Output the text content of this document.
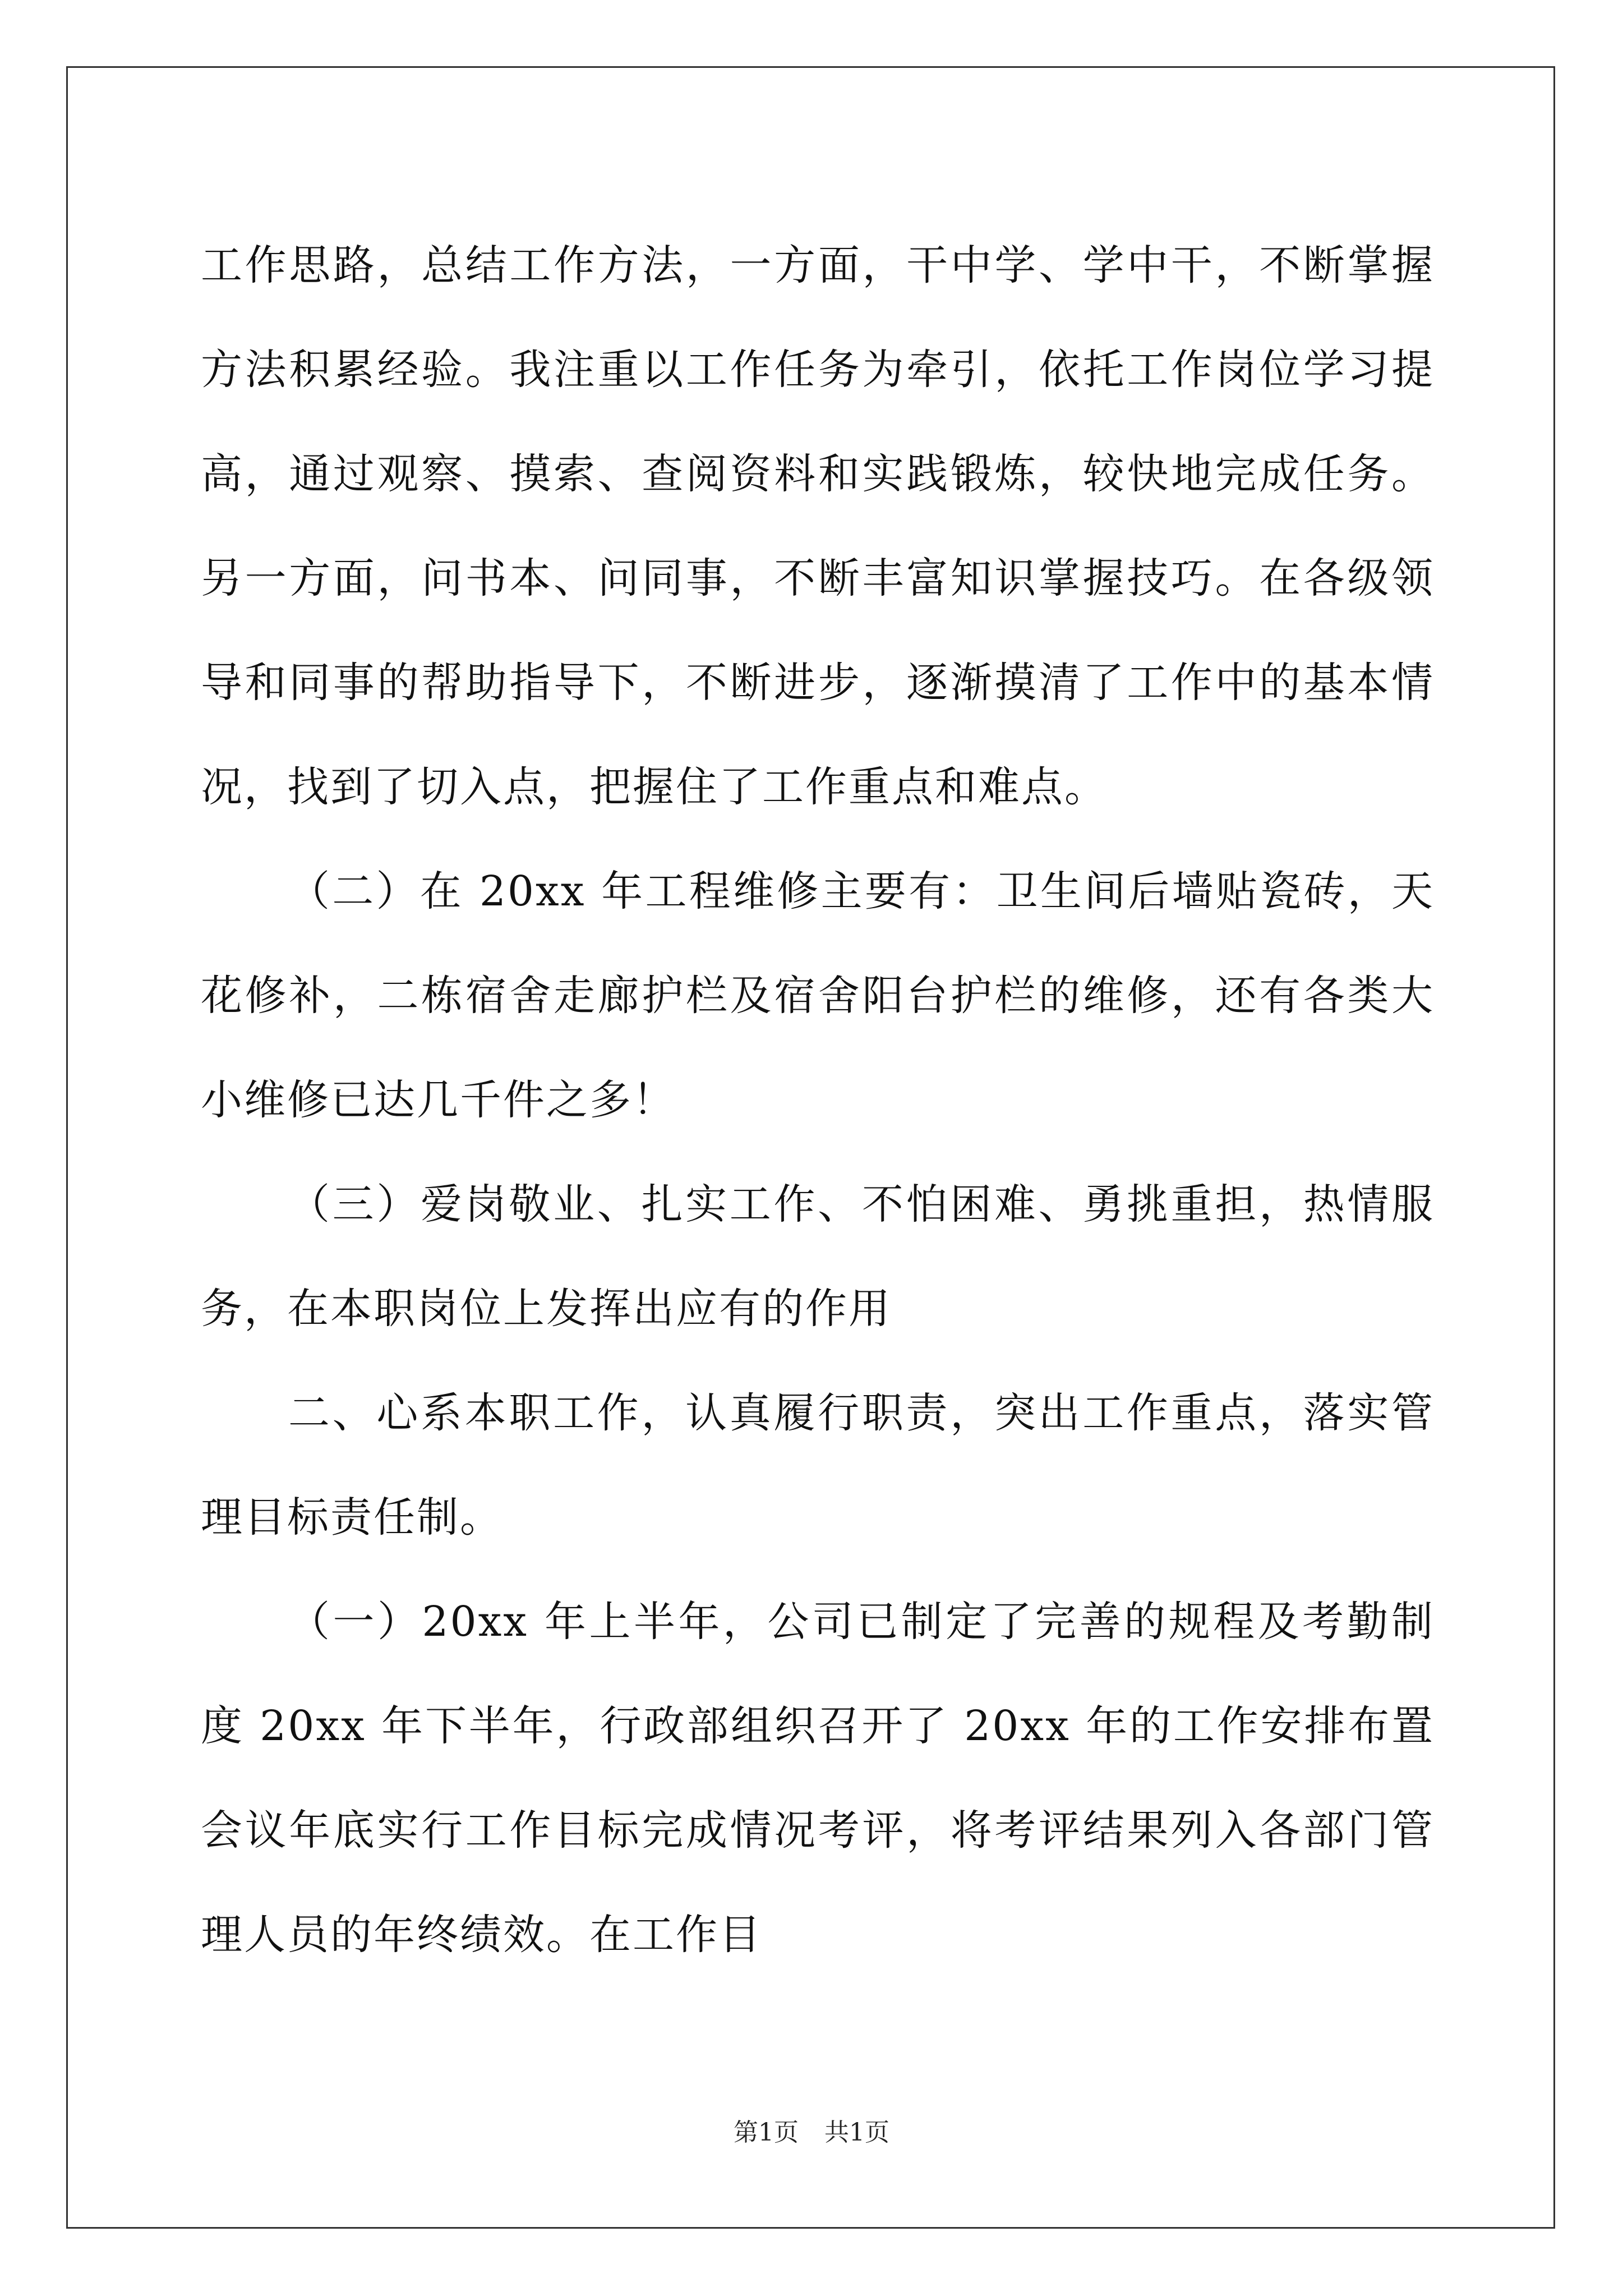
工作思路，总结工作方法，一方面，干中学、学中干，不断掌握方法积累经验。我注重以工作任务为牵引，依托工作岗位学习提高，通过观察、摸索、查阅资料和实践锻炼，较快地完成任务。另一方面，问书本、问同事，不断丰富知识掌握技巧。在各级领导和同事的帮助指导下，不断进步，逐渐摸清了工作中的基本情况，找到了切入点，把握住了工作重点和难点。

（二）在 20xx 年工程维修主要有：卫生间后墙贴瓷砖，天花修补，二栋宿舍走廊护栏及宿舍阳台护栏的维修，还有各类大小维修已达几千件之多！

（三）爱岗敬业、扎实工作、不怕困难、勇挑重担，热情服务，在本职岗位上发挥出应有的作用

二、心系本职工作，认真履行职责，突出工作重点，落实管理目标责任制。

（一）20xx 年上半年，公司已制定了完善的规程及考勤制度 20xx 年下半年，行政部组织召开了 20xx 年的工作安排布置会议年底实行工作目标完成情况考评，将考评结果列入各部门管理人员的年终绩效。在工作目

第1页 共1页
